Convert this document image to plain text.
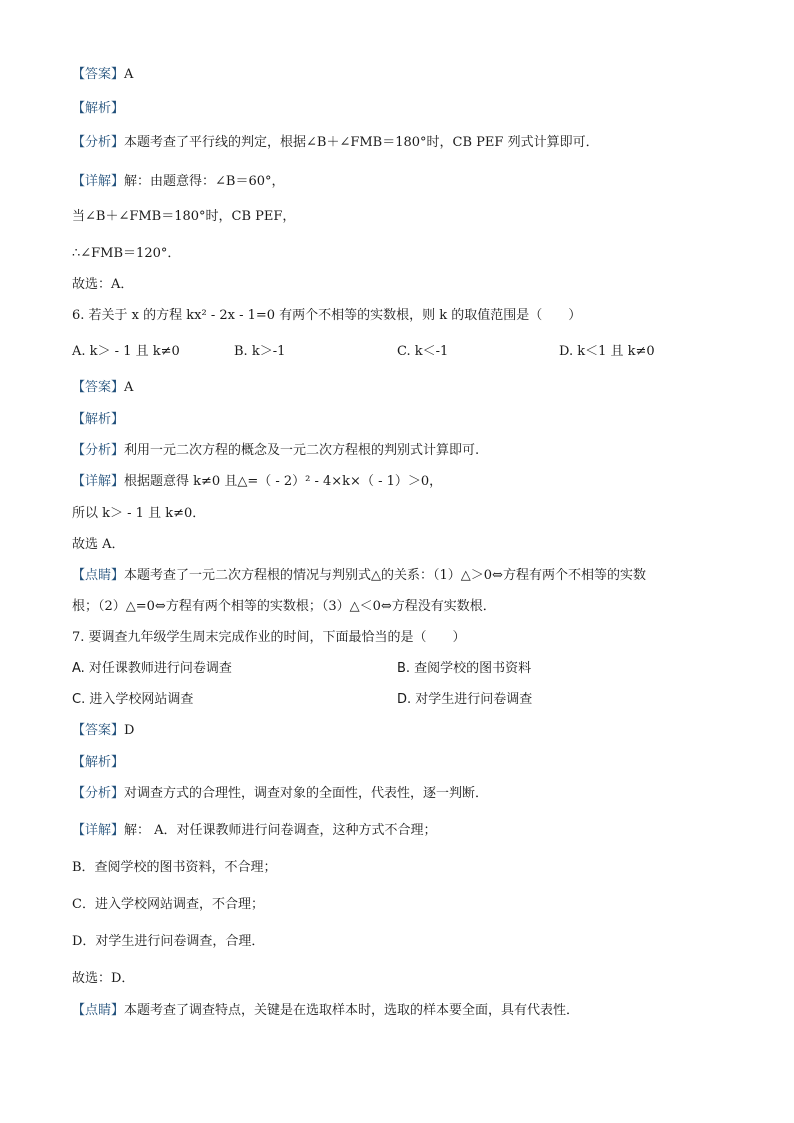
【答案】A
【解析】
【分析】本题考查了平行线的判定，根据∠B＋∠FMB＝180°时，CB PEF 列式计算即可．
【详解】解：由题意得：∠B＝60°，
当∠B＋∠FMB＝180°时，CB PEF，
∴∠FMB＝120°．
故选：A．
6. 若关于 x 的方程 kx² - 2x - 1=0 有两个不相等的实数根，则 k 的取值范围是（　　）
A. k＞ - 1 且 k≠0	B. k＞-1	C. k＜-1	D. k＜1 且 k≠0
【答案】A
【解析】
【分析】利用一元二次方程的概念及一元二次方程根的判别式计算即可.
【详解】根据题意得 k≠0 且△=（ - 2）² - 4×k×（ - 1）＞0，
所以 k＞ - 1 且 k≠0．
故选 A．
【点睛】本题考查了一元二次方程根的情况与判别式△的关系：（1）△＞0⇔方程有两个不相等的实数
根；（2）△=0⇔方程有两个相等的实数根；（3）△＜0⇔方程没有实数根．
7. 要调查九年级学生周末完成作业的时间，下面最恰当的是（　　）
A. 对任课教师进行问卷调查	B. 查阅学校的图书资料
C. 进入学校网站调查	D. 对学生进行问卷调查
【答案】D
【解析】
【分析】对调查方式的合理性，调查对象的全面性，代表性，逐一判断．
【详解】解： A．对任课教师进行问卷调查，这种方式不合理；
B．查阅学校的图书资料，不合理；
C．进入学校网站调查，不合理；
D．对学生进行问卷调查，合理．
故选：D．
【点睛】本题考查了调查特点，关键是在选取样本时，选取的样本要全面，具有代表性．
